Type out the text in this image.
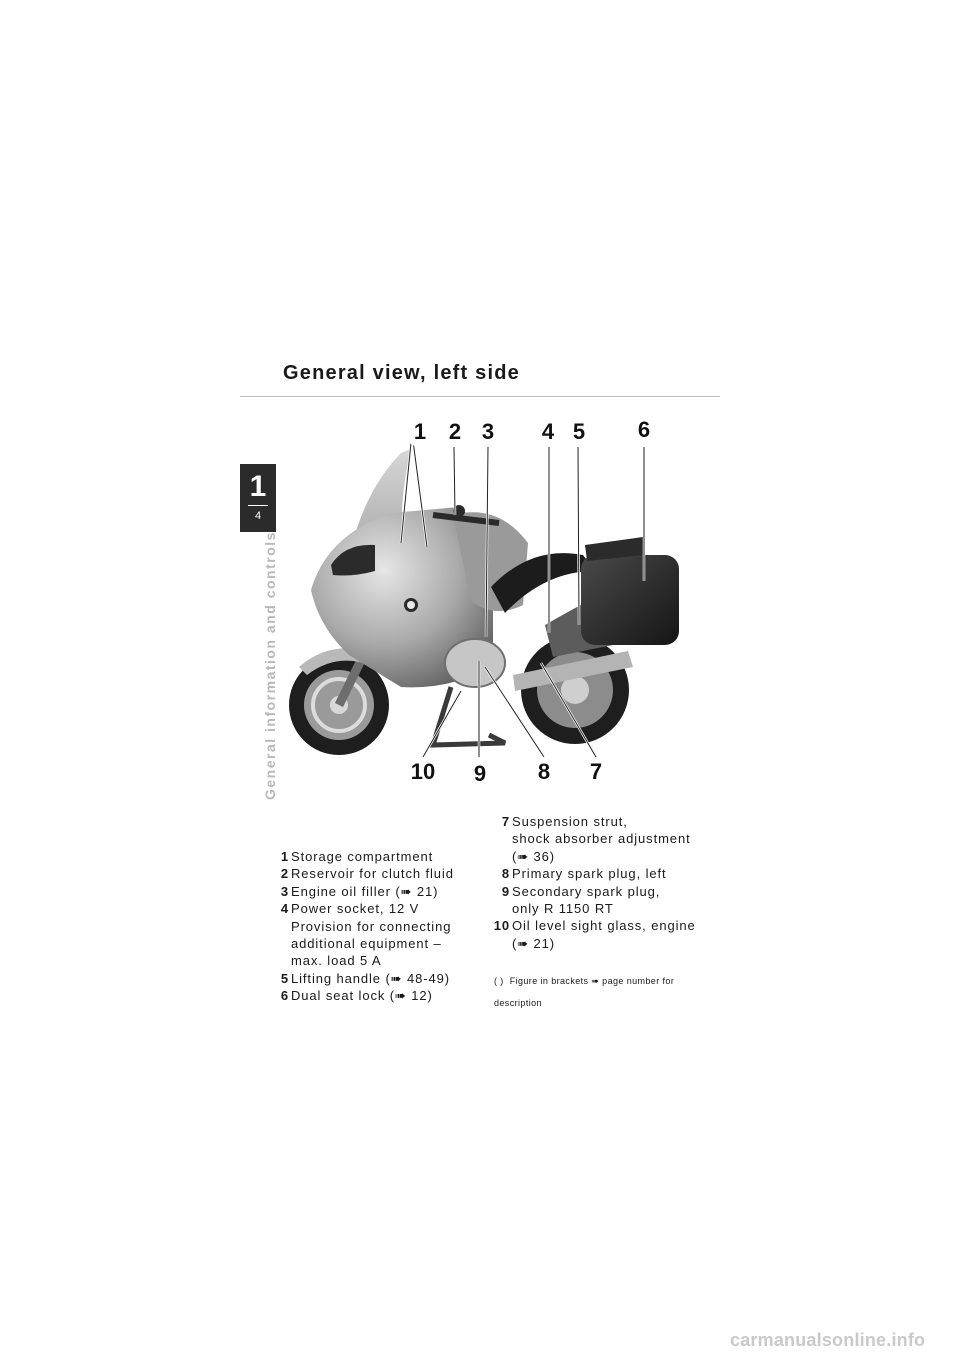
General view, left side
1
4
General information and controls
1	2 3	4 5	6
10	9	8	7
1 Storage compartment
2 Reservoir for clutch fluid
3 Engine oil filler (➠ 21)
4 Power socket, 12 V
Provision for connecting
additional equipment –
max. load 5 A
5 Lifting handle (➠ 48-49)
6 Dual seat lock (➠ 12)
7 Suspension strut,
shock absorber adjustment
(➠ 36)
8 Primary spark plug, left
9 Secondary spark plug,
only R 1150 RT
10 Oil level sight glass, engine
(➠ 21)
( ) Figure in brackets ➠ page number for description
carmanualsonline.info
